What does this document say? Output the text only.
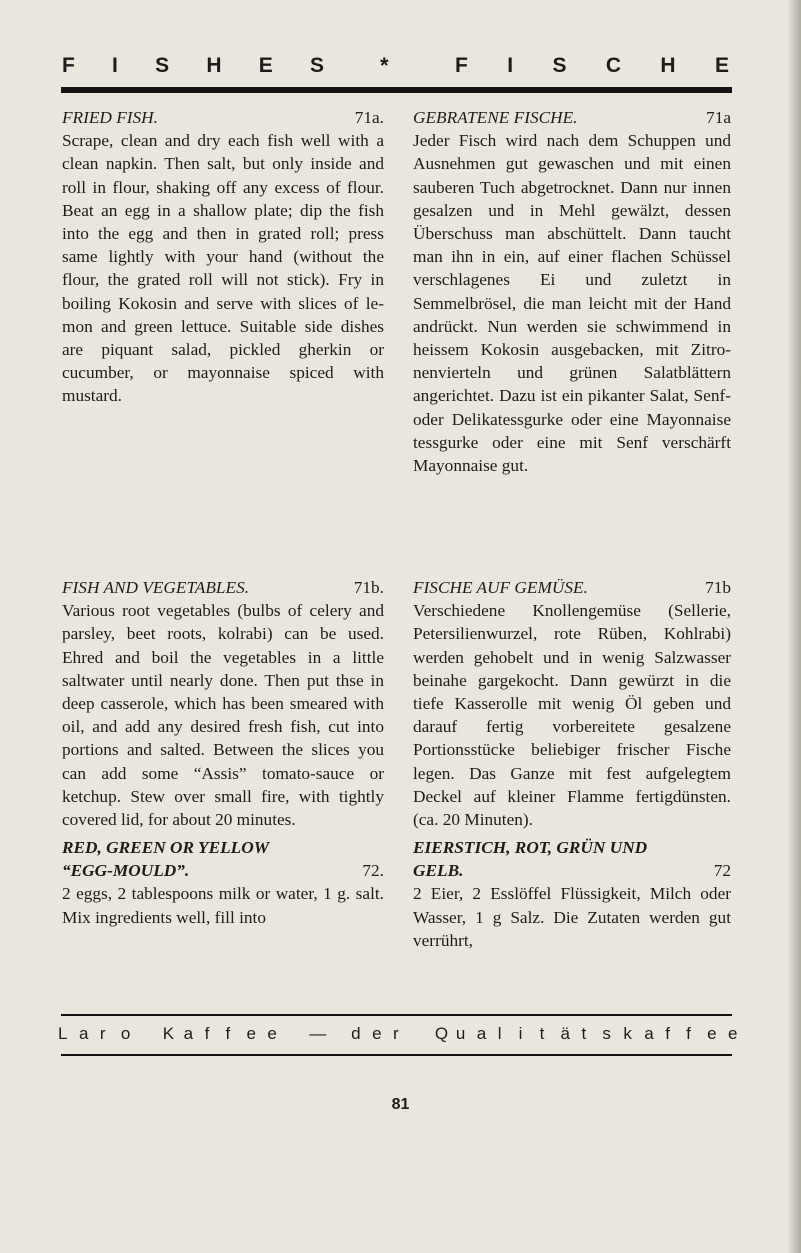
F I S H E S	*	F I S C H E
FRIED FISH.	71a.
Scrape, clean and dry each fish well with a clean napkin. Then salt, but only inside and roll in flour, shaking off any excess of flour. Beat an egg in a shallow plate; dip the fish into the egg and then in grated roll; press same lightly with your hand (without the flour, the grated roll will not stick). Fry in boiling Kokosin and serve with slices of lemon and green lettuce. Suitable side dishes are piquant salad, pickled gherkin or cucumber, or mayonnaise spiced with mustard.
FISH AND VEGETABLES.	71b.
Various root vegetables (bulbs of celery and parsley, beet roots, kolrabi) can be used. Ehred and boil the vegetables in a little saltwater until nearly done. Then put thse in deep casserole, which has been smeared with oil, and add any desired fresh fish, cut into portions and salted. Between the slices you can add some “Assis” tomato-sauce or ketchup. Stew over small fire, with tightly covered lid, for about 20 minutes.
RED, GREEN OR YELLOW
“EGG-MOULD”.	72.
2 eggs, 2 tablespoons milk or water, 1 g. salt. Mix ingredients well, fill into
GEBRATENE FISCHE.	71a
Jeder Fisch wird nach dem Schuppen und Ausnehmen gut gewaschen und mit einen sauberen Tuch abgetrocknet. Dann nur innen gesalzen und in Mehl gewälzt, dessen Überschuss man abschüttelt. Dann taucht man ihn in ein, auf einer flachen Schüssel verschlagenes Ei und zuletzt in Semmelbrösel, die man leicht mit der Hand andrückt. Nun werden sie schwimmend in heissem Kokosin ausgebacken, mit Zitronenvierteln und grünen Salatblättern angerichtet. Dazu ist ein pikanter Salat, Senf- oder Delikatessgurke oder eine Mayonnaise tessgurke oder eine mit Senf verschärft Mayonnaise gut.
FISCHE AUF GEMÜSE.	71b
Verschiedene Knollengemüse (Sellerie, Petersilienwurzel, rote Rüben, Kohlrabi) werden gehobelt und in wenig Salzwasser beinahe gargekocht. Dann gewürzt in die tiefe Kasserolle mit wenig Öl geben und darauf fertig vorbereitete gesalzene Portionsstücke beliebiger frischer Fische legen. Das Ganze mit fest aufgelegtem Deckel auf kleiner Flamme fertigdünsten. (ca. 20 Minuten).
EIERSTICH, ROT, GRÜN UND
GELB.	72
2 Eier, 2 Esslöffel Flüssigkeit, Milch oder Wasser, 1 g Salz. Die Zutaten werden gut verrührt,
L a r o K a f f e e — d e r Q u a l i t ä t s k a f f e e
81
